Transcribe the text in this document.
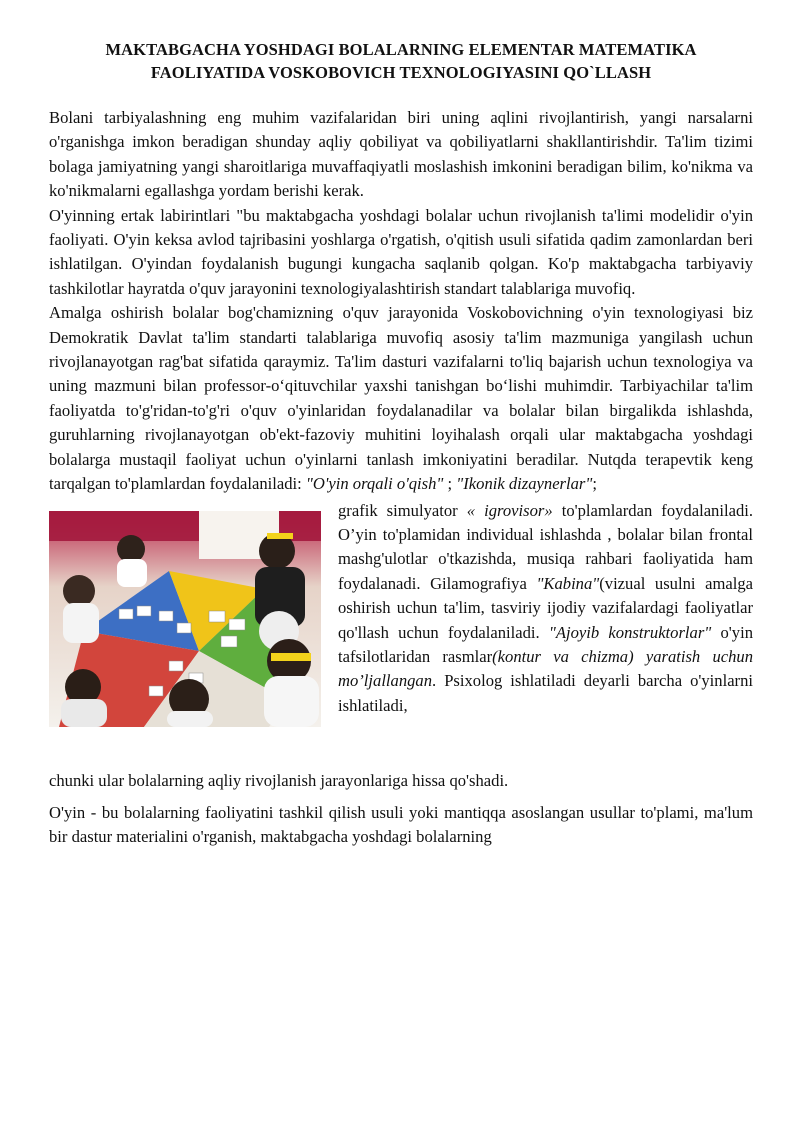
MAKTABGACHA YOSHDAGI BOLALARNING ELEMENTAR MATEMATIKA
FAOLIYATIDA VOSKOBOVICH TEXNOLOGIYASINI QO`LLASH

Bolani tarbiyalashning eng muhim vazifalaridan biri uning aqlini rivojlantirish, yangi narsalarni o'rganishga imkon beradigan shunday aqliy qobiliyat va qobiliyatlarni shakllantirishdir. Ta'lim tizimi bolaga jamiyatning yangi sharoitlariga muvaffaqiyatli moslashish imkonini beradigan bilim, ko'nikma va ko'nikmalarni egallashga yordam berishi kerak.

O'yinning ertak labirintlari "bu maktabgacha yoshdagi bolalar uchun rivojlanish ta'limi modelidir o'yin faoliyati. O'yin keksa avlod tajribasini yoshlarga o'rgatish, o'qitish usuli sifatida qadim zamonlardan beri ishlatilgan. O'yindan foydalanish bugungi kungacha saqlanib qolgan. Ko'p maktabgacha tarbiyaviy tashkilotlar hayratda o'quv jarayonini texnologiyalashtirish standart talablariga muvofiq.

Amalga oshirish bolalar bog'chamizning o'quv jarayonida Voskobovichning o'yin texnologiyasi biz Demokratik Davlat ta'lim standarti talablariga muvofiq asosiy ta'lim mazmuniga yangilash uchun rivojlanayotgan rag'bat sifatida qaraymiz. Ta'lim dasturi vazifalarni to'liq bajarish uchun texnologiya va uning mazmuni bilan professor-o‘qituvchilar yaxshi tanishgan bo‘lishi muhimdir. Tarbiyachilar ta'lim faoliyatda to'g'ridan-to'g'ri o'quv o'yinlaridan foydalanadilar va bolalar bilan birgalikda ishlashda, guruhlarning rivojlanayotgan ob'ekt-fazoviy muhitini loyihalash orqali ular maktabgacha yoshdagi bolalarga mustaqil faoliyat uchun o'yinlarni tanlash imkoniyatini beradilar. Nutqda terapevtik keng tarqalgan to'plamlardan foydalaniladi: "O'yin orqali o'qish" ; "Ikonik dizaynerlar";

grafik simulyator « igrovisor» to'plamlardan foydalaniladi. O’yin to'plamidan individual ishlashda , bolalar bilan frontal mashg'ulotlar o'tkazishda, musiqa rahbari faoliyatida ham foydalanadi. Gilamografiya "Kabina"(vizual usulni amalga oshirish uchun ta'lim, tasviriy ijodiy vazifalardagi faoliyatlar qo'llash uchun foydalaniladi. "Ajoyib konstruktorlar" o'yin tafsilotlaridan rasmlar(kontur va chizma) yaratish uchun mo’ljallangan. Psixolog ishlatiladi deyarli barcha o'yinlarni ishlatiladi,

chunki ular bolalarning aqliy rivojlanish jarayonlariga hissa qo'shadi.

O'yin - bu bolalarning faoliyatini tashkil qilish usuli yoki mantiqqa asoslangan usullar to'plami, ma'lum bir dastur materialini o'rganish, maktabgacha yoshdagi bolalarning
